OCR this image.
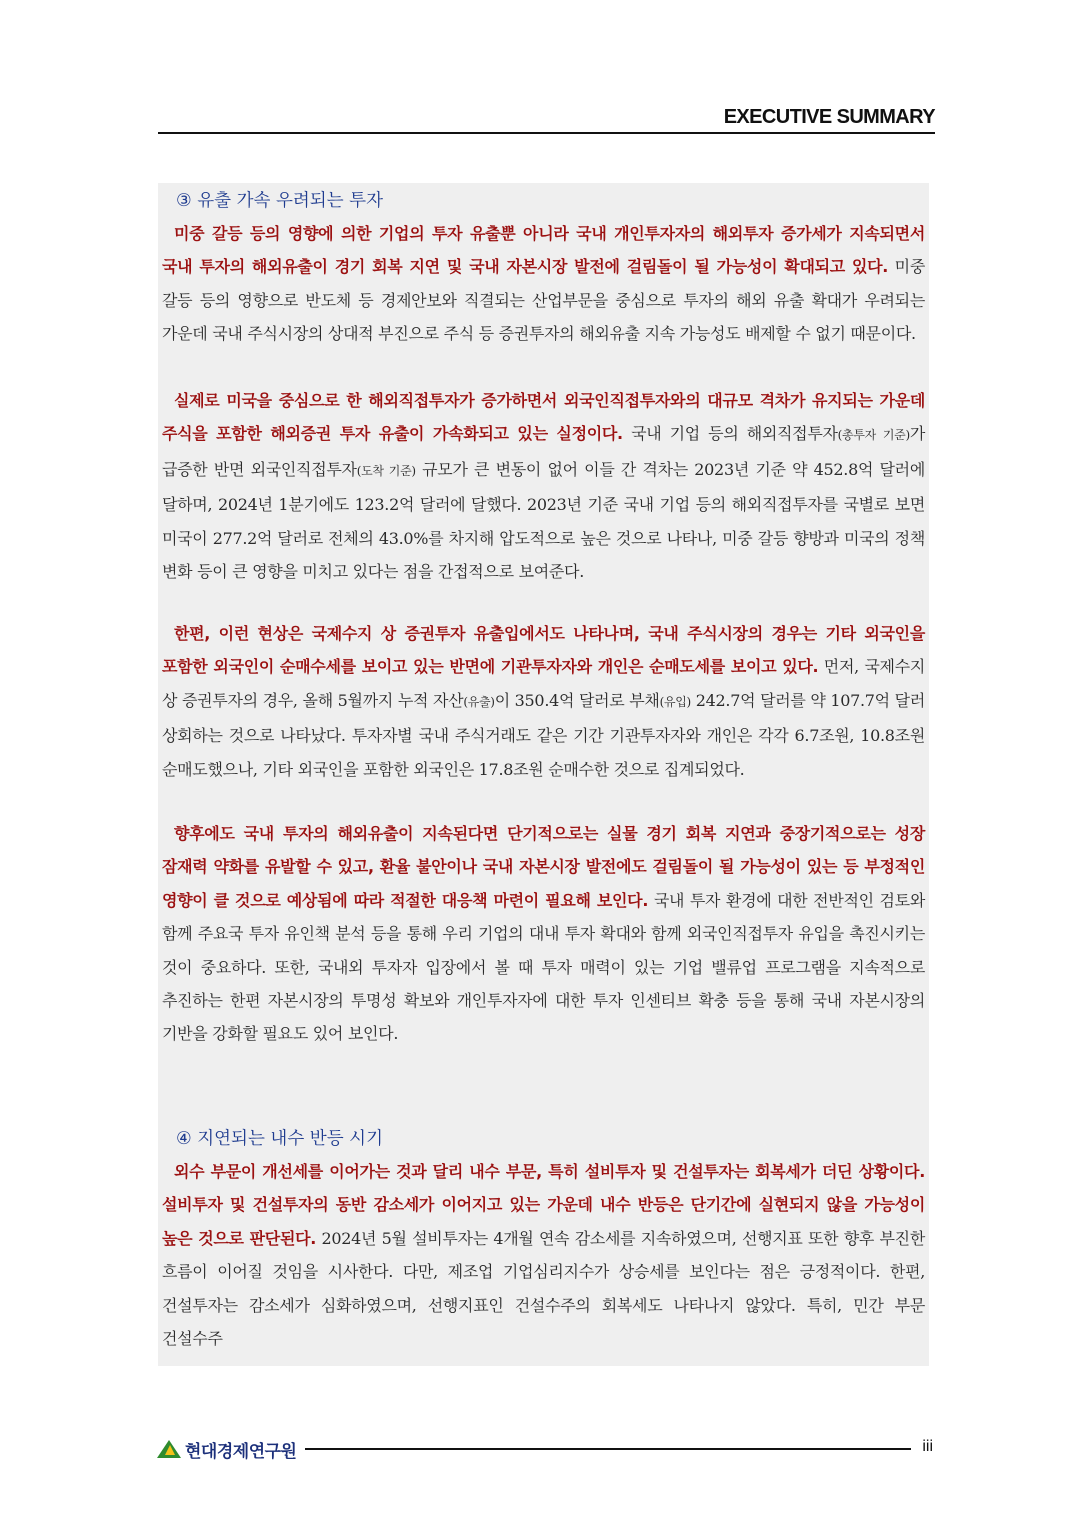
EXECUTIVE SUMMARY
③ 유출 가속 우려되는 투자

미중 갈등 등의 영향에 의한 기업의 투자 유출뿐 아니라 국내 개인투자자의 해외투자 증가세가 지속되면서 국내 투자의 해외유출이 경기 회복 지연 및 국내 자본시장 발전에 걸림돌이 될 가능성이 확대되고 있다. 미중 갈등 등의 영향으로 반도체 등 경제안보와 직결되는 산업부문을 중심으로 투자의 해외 유출 확대가 우려되는 가운데 국내 주식시장의 상대적 부진으로 주식 등 증권투자의 해외유출 지속 가능성도 배제할 수 없기 때문이다.

실제로 미국을 중심으로 한 해외직접투자가 증가하면서 외국인직접투자와의 대규모 격차가 유지되는 가운데 주식을 포함한 해외증권 투자 유출이 가속화되고 있는 실정이다. 국내 기업 등의 해외직접투자(총투자 기준)가 급증한 반면 외국인직접투자(도착 기준) 규모가 큰 변동이 없어 이들 간 격차는 2023년 기준 약 452.8억 달러에 달하며, 2024년 1분기에도 123.2억 달러에 달했다. 2023년 기준 국내 기업 등의 해외직접투자를 국별로 보면 미국이 277.2억 달러로 전체의 43.0%를 차지해 압도적으로 높은 것으로 나타나, 미중 갈등 향방과 미국의 정책 변화 등이 큰 영향을 미치고 있다는 점을 간접적으로 보여준다.

한편, 이런 현상은 국제수지 상 증권투자 유출입에서도 나타나며, 국내 주식시장의 경우는 기타 외국인을 포함한 외국인이 순매수세를 보이고 있는 반면에 기관투자자와 개인은 순매도세를 보이고 있다. 먼저, 국제수지 상 증권투자의 경우, 올해 5월까지 누적 자산(유출)이 350.4억 달러로 부채(유입) 242.7억 달러를 약 107.7억 달러 상회하는 것으로 나타났다. 투자자별 국내 주식거래도 같은 기간 기관투자자와 개인은 각각 6.7조원, 10.8조원 순매도했으나, 기타 외국인을 포함한 외국인은 17.8조원 순매수한 것으로 집계되었다.

향후에도 국내 투자의 해외유출이 지속된다면 단기적으로는 실물 경기 회복 지연과 중장기적으로는 성장 잠재력 약화를 유발할 수 있고, 환율 불안이나 국내 자본시장 발전에도 걸림돌이 될 가능성이 있는 등 부정적인 영향이 클 것으로 예상됨에 따라 적절한 대응책 마련이 필요해 보인다. 국내 투자 환경에 대한 전반적인 검토와 함께 주요국 투자 유인책 분석 등을 통해 우리 기업의 대내 투자 확대와 함께 외국인직접투자 유입을 촉진시키는 것이 중요하다. 또한, 국내외 투자자 입장에서 볼 때 투자 매력이 있는 기업 밸류업 프로그램을 지속적으로 추진하는 한편 자본시장의 투명성 확보와 개인투자자에 대한 투자 인센티브 확충 등을 통해 국내 자본시장의 기반을 강화할 필요도 있어 보인다.

④ 지연되는 내수 반등 시기

외수 부문이 개선세를 이어가는 것과 달리 내수 부문, 특히 설비투자 및 건설투자는 회복세가 더딘 상황이다. 설비투자 및 건설투자의 동반 감소세가 이어지고 있는 가운데 내수 반등은 단기간에 실현되지 않을 가능성이 높은 것으로 판단된다. 2024년 5월 설비투자는 4개월 연속 감소세를 지속하였으며, 선행지표 또한 향후 부진한 흐름이 이어질 것임을 시사한다. 다만, 제조업 기업심리지수가 상승세를 보인다는 점은 긍정적이다. 한편, 건설투자는 감소세가 심화하였으며, 선행지표인 건설수주의 회복세도 나타나지 않았다. 특히, 민간 부문 건설수주

현대경제연구원	iii
